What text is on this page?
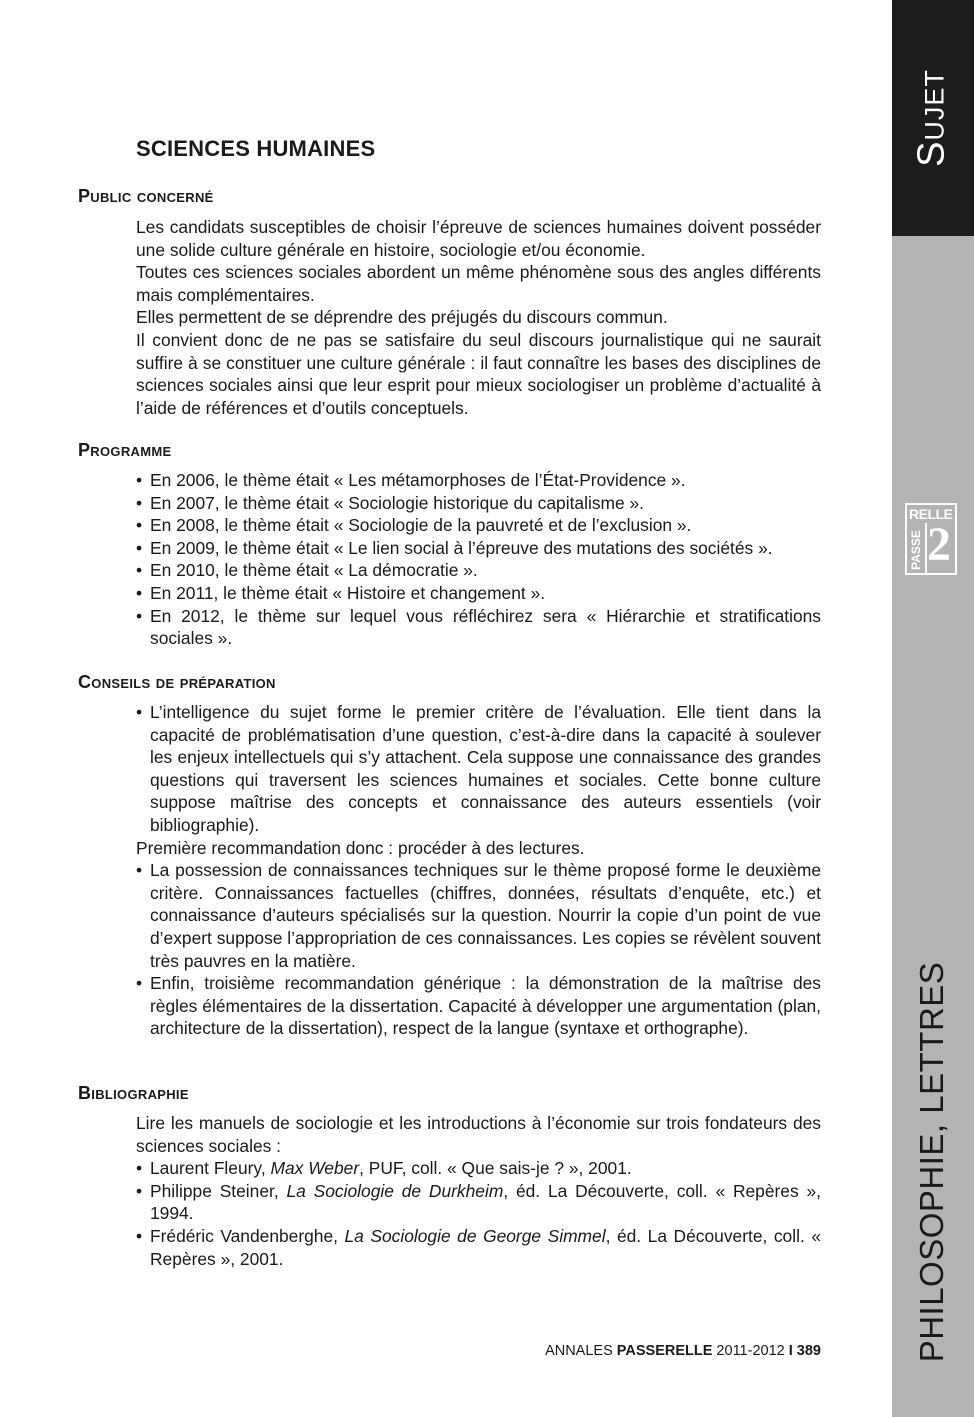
Sujet
RELLE
PASSE 2
PHILOSOPHIE, LETTRES
SCIENCES HUMAINES
Public concerné

Les candidats susceptibles de choisir l’épreuve de sciences humaines doivent posséder une solide culture générale en histoire, sociologie et/ou économie.

Toutes ces sciences sociales abordent un même phénomène sous des angles différents mais complémentaires.

Elles permettent de se déprendre des préjugés du discours commun.

Il convient donc de ne pas se satisfaire du seul discours journalistique qui ne saurait suffire à se constituer une culture générale : il faut connaître les bases des disciplines de sciences sociales ainsi que leur esprit pour mieux sociologiser un problème d’actualité à l’aide de références et d’outils conceptuels.

Programme
• En 2006, le thème était « Les métamorphoses de l’État-Providence ».
• En 2007, le thème était « Sociologie historique du capitalisme ».
• En 2008, le thème était « Sociologie de la pauvreté et de l’exclusion ».
• En 2009, le thème était « Le lien social à l’épreuve des mutations des sociétés ».
• En 2010, le thème était « La démocratie ».
• En 2011, le thème était « Histoire et changement ».
• En 2012, le thème sur lequel vous réfléchirez sera « Hiérarchie et stratifications sociales ».
Conseils de préparation
• L’intelligence du sujet forme le premier critère de l’évaluation. Elle tient dans la capacité de problématisation d’une question, c’est-à-dire dans la capacité à soulever les enjeux intellectuels qui s’y attachent. Cela suppose une connaissance des grandes questions qui traversent les sciences humaines et sociales. Cette bonne culture suppose maîtrise des concepts et connaissance des auteurs essentiels (voir bibliographie).

Première recommandation donc : procéder à des lectures.

• La possession de connaissances techniques sur le thème proposé forme le deuxième critère. Connaissances factuelles (chiffres, données, résultats d’enquête, etc.) et connaissance d’auteurs spécialisés sur la question. Nourrir la copie d’un point de vue d’expert suppose l’appropriation de ces connaissances. Les copies se révèlent souvent très pauvres en la matière.
• Enfin, troisième recommandation générique : la démonstration de la maîtrise des règles élémentaires de la dissertation. Capacité à développer une argumentation (plan, architecture de la dissertation), respect de la langue (syntaxe et orthographe).
Bibliographie

Lire les manuels de sociologie et les introductions à l’économie sur trois fondateurs des sciences sociales :

• Laurent Fleury, Max Weber, PUF, coll. « Que sais-je ? », 2001.
• Philippe Steiner, La Sociologie de Durkheim, éd. La Découverte, coll. « Repères », 1994.
• Frédéric Vandenberghe, La Sociologie de George Simmel, éd. La Découverte, coll. « Repères », 2001.
ANNALES PASSERELLE 2011-2012 I 389
